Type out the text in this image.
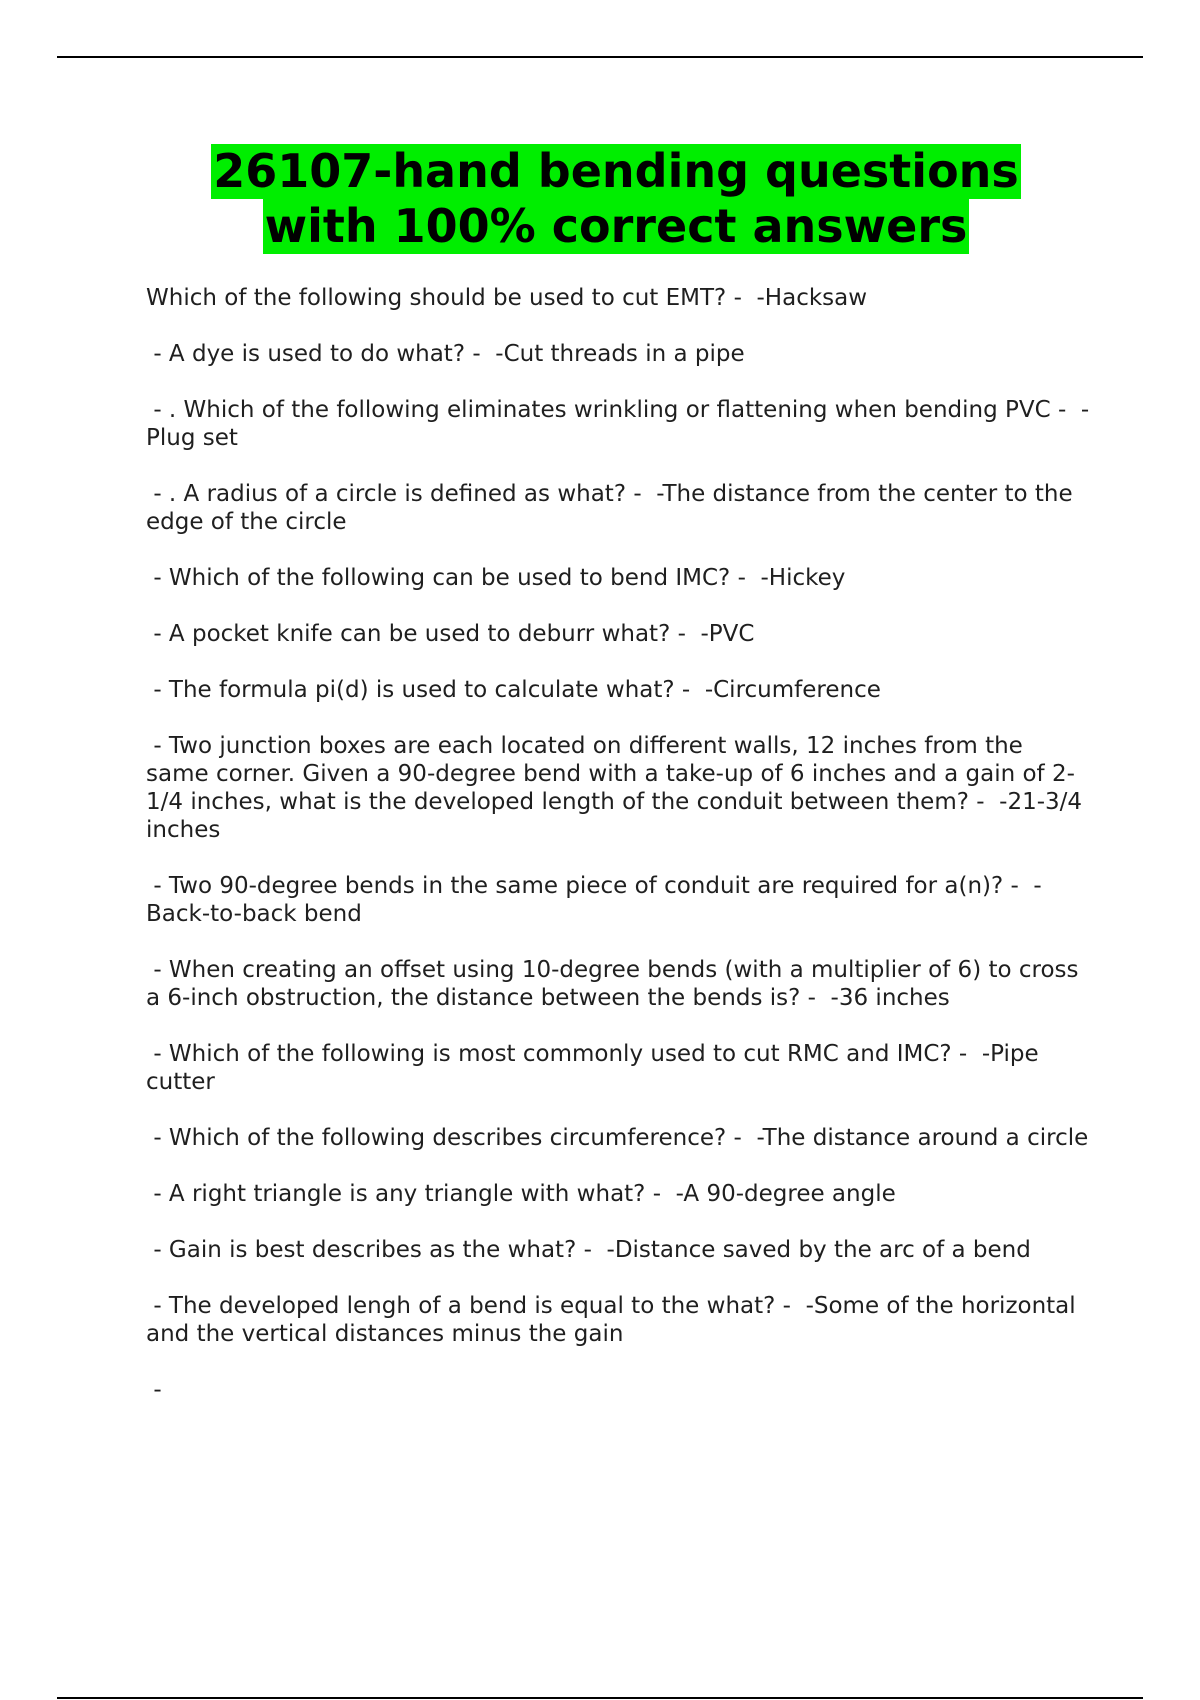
26107-hand bending questions
with 100% correct answers
Which of the following should be used to cut EMT? -  -Hacksaw
- A dye is used to do what? -  -Cut threads in a pipe
- . Which of the following eliminates wrinkling or flattening when bending PVC -  -Plug set
- . A radius of a circle is defined as what? -  -The distance from the center to the edge of the circle
- Which of the following can be used to bend IMC? -  -Hickey
- A pocket knife can be used to deburr what? -  -PVC
- The formula pi(d) is used to calculate what? -  -Circumference
- Two junction boxes are each located on different walls, 12 inches from the same corner. Given a 90-degree bend with a take-up of 6 inches and a gain of 2-1/4 inches, what is the developed length of the conduit between them? -  -21-3/4 inches
- Two 90-degree bends in the same piece of conduit are required for a(n)? -  -Back-to-back bend
- When creating an offset using 10-degree bends (with a multiplier of 6) to cross a 6-inch obstruction, the distance between the bends is? -  -36 inches
- Which of the following is most commonly used to cut RMC and IMC? -  -Pipe cutter
- Which of the following describes circumference? -  -The distance around a circle
- A right triangle is any triangle with what? -  -A 90-degree angle
- Gain is best describes as the what? -  -Distance saved by the arc of a bend
- The developed lengh of a bend is equal to the what? -  -Some of the horizontal and the vertical distances minus the gain
-
